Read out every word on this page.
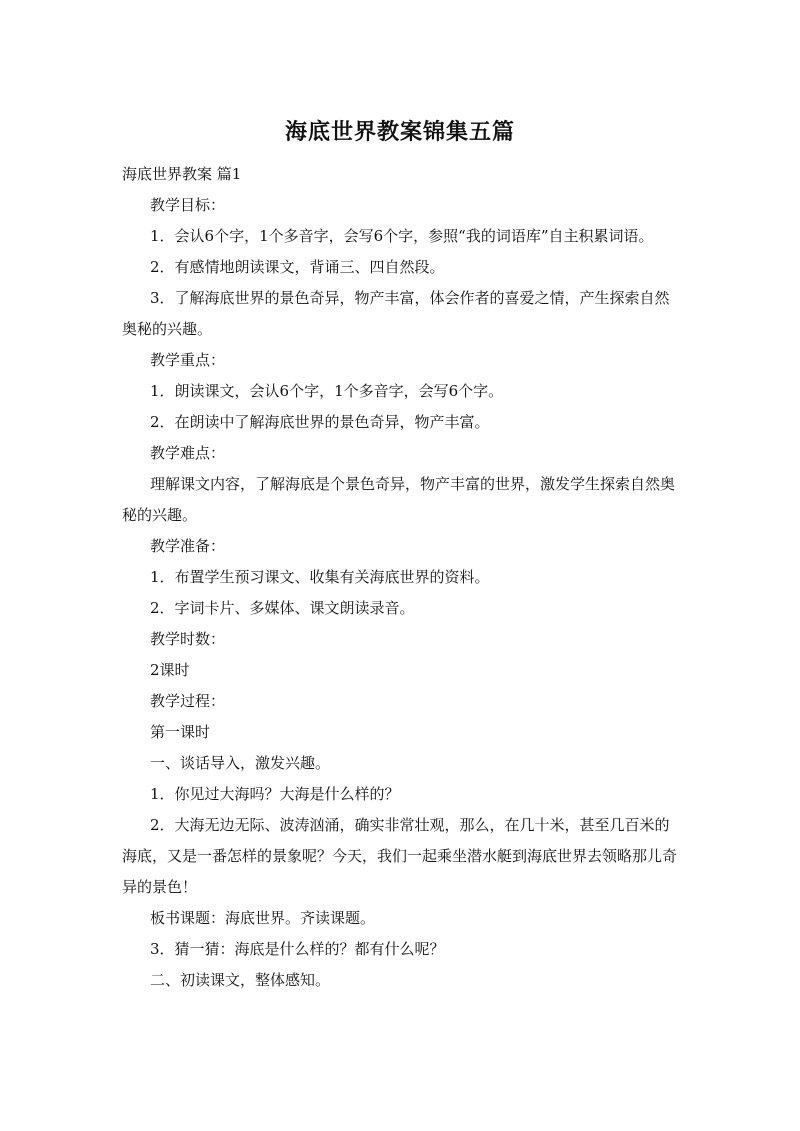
海底世界教案锦集五篇

海底世界教案 篇1

教学目标：

1．会认6个字，1个多音字，会写6个字，参照“我的词语库”自主积累词语。

2．有感情地朗读课文，背诵三、四自然段。

3．了解海底世界的景色奇异，物产丰富，体会作者的喜爱之情，产生探索自然奥秘的兴趣。

教学重点：

1．朗读课文，会认6个字，1个多音字，会写6个字。

2．在朗读中了解海底世界的景色奇异，物产丰富。

教学难点：

理解课文内容，了解海底是个景色奇异，物产丰富的世界，激发学生探索自然奥秘的兴趣。

教学准备：

1．布置学生预习课文、收集有关海底世界的资料。

2．字词卡片、多媒体、课文朗读录音。

教学时数：

2课时

教学过程：

第一课时

一、谈话导入，激发兴趣。

1．你见过大海吗？大海是什么样的？

2．大海无边无际、波涛汹涌，确实非常壮观，那么，在几十米，甚至几百米的海底，又是一番怎样的景象呢？今天，我们一起乘坐潜水艇到海底世界去领略那儿奇异的景色！

板书课题：海底世界。齐读课题。

3．猜一猜：海底是什么样的？都有什么呢？

二、初读课文，整体感知。
